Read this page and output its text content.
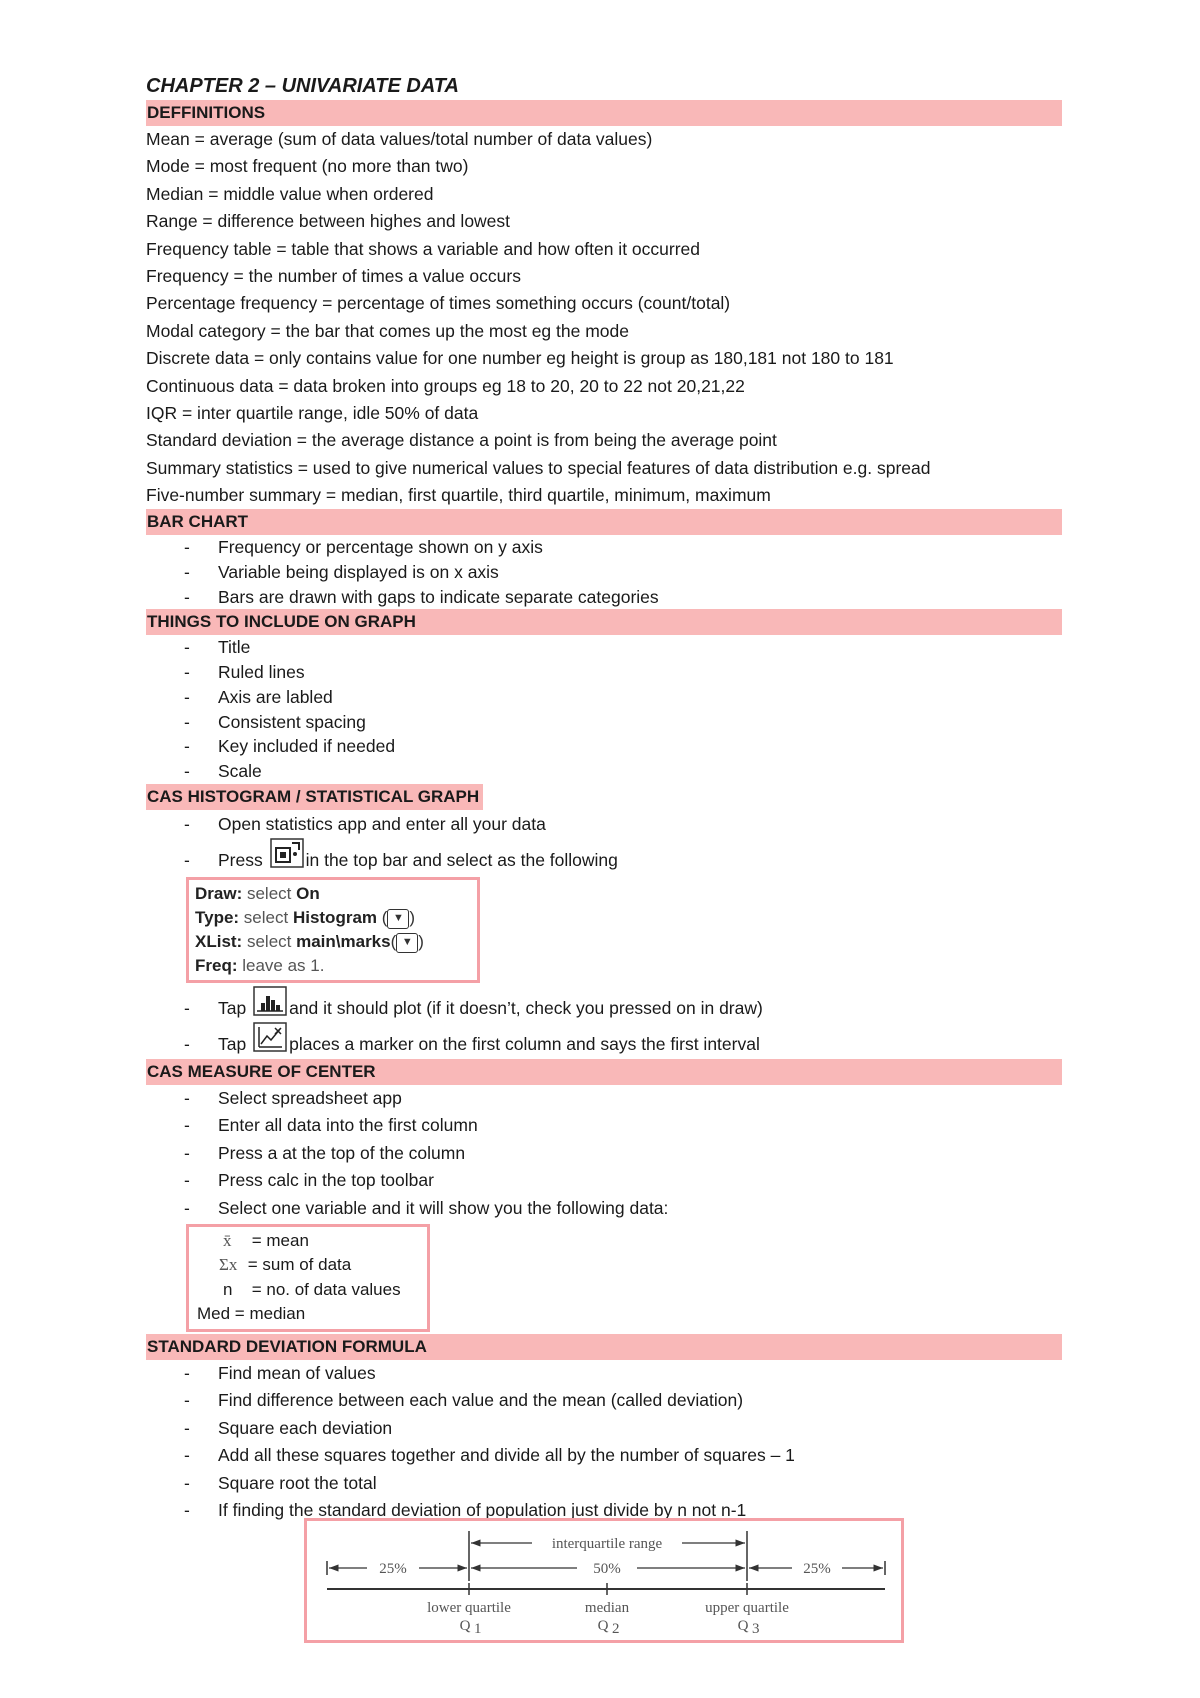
CHAPTER 2 – UNIVARIATE DATA
DEFFINITIONS
Mean = average (sum of data values/total number of data values)
Mode = most frequent (no more than two)
Median = middle value when ordered
Range = difference between highes and lowest
Frequency table = table that shows a variable and how often it occurred
Frequency = the number of times a value occurs
Percentage frequency = percentage of times something occurs (count/total)
Modal category = the bar that comes up the most eg the mode
Discrete data = only contains value for one number eg height is group as 180,181 not 180 to 181
Continuous data = data broken into groups eg 18 to 20, 20 to 22 not 20,21,22
IQR = inter quartile range, idle 50% of data
Standard deviation = the average distance a point is from being the average point
Summary statistics = used to give numerical values to special features of data distribution e.g. spread
Five-number summary = median, first quartile, third quartile, minimum, maximum
BAR CHART
- Frequency or percentage shown on y axis
- Variable being displayed is on x axis
- Bars are drawn with gaps to indicate separate categories
THINGS TO INCLUDE ON GRAPH
- Title
- Ruled lines
- Axis are labled
- Consistent spacing
- Key included if needed
- Scale
CAS HISTOGRAM / STATISTICAL GRAPH
- Open statistics app and enter all your data
- Press in the top bar and select as the following
Draw: select On
Type: select Histogram ( ▼ )
XList: select main\marks( ▼ )
Freq: leave as 1.
- Tap and it should plot (if it doesn’t, check you pressed on in draw)
- Tap places a marker on the first column and says the first interval
CAS MEASURE OF CENTER
- Select spreadsheet app
- Enter all data into the first column
- Press a at the top of the column
- Press calc in the top toolbar
- Select one variable and it will show you the following data:
x̄ = mean
Σx = sum of data
n = no. of data values
Med = median
STANDARD DEVIATION FORMULA
- Find mean of values
- Find difference between each value and the mean (called deviation)
- Square each deviation
- Add all these squares together and divide all by the number of squares – 1
- Square root the total
- If finding the standard deviation of population just divide by n not n-1
interquartile range
25%	50%	25%
lower quartile	median	upper quartile
Q 1	Q 2	Q 3
